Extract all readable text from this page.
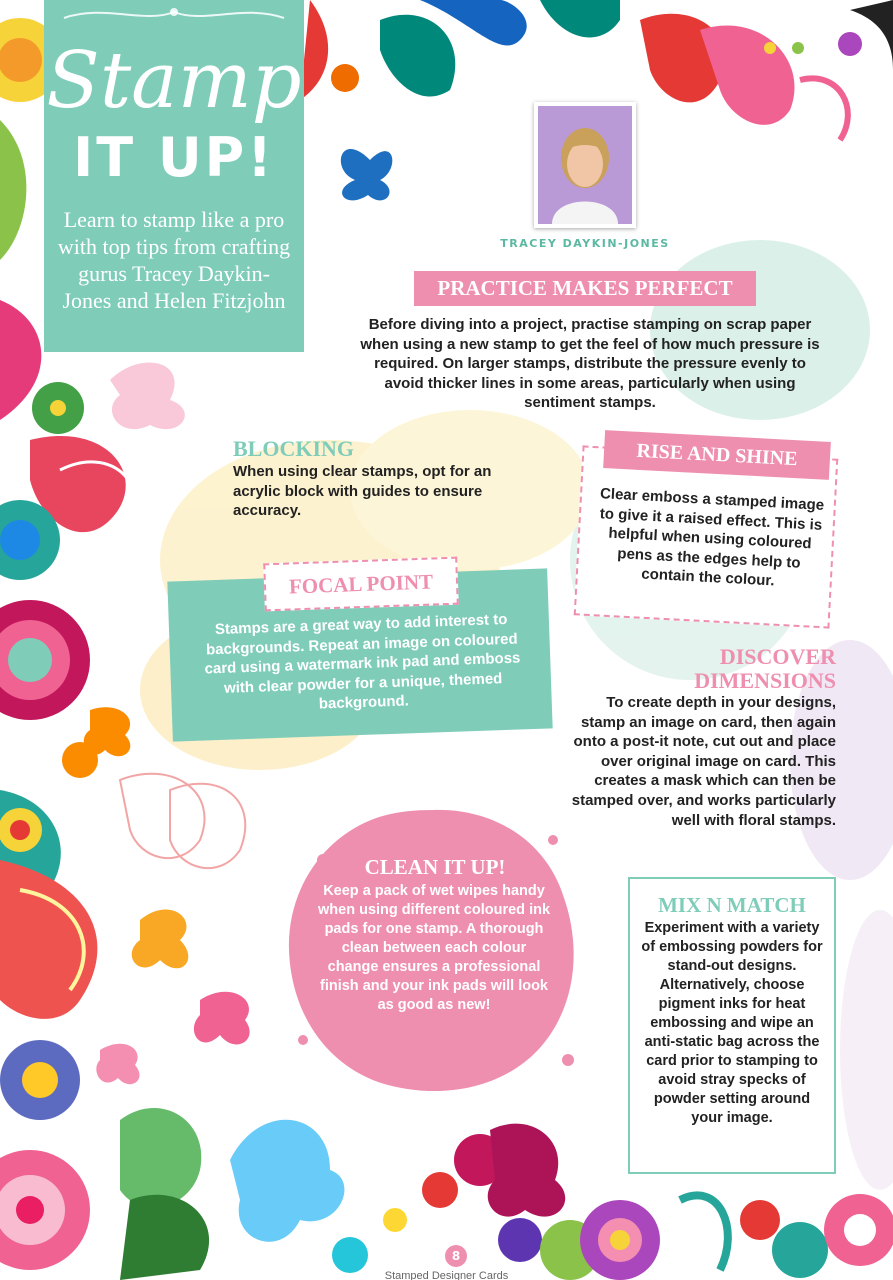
Stamp
IT UP!
Learn to stamp like a pro with top tips from crafting gurus Tracey Daykin-Jones and Helen Fitzjohn
TRACEY DAYKIN-JONES
PRACTICE MAKES PERFECT
Before diving into a project, practise stamping on scrap paper when using a new stamp to get the feel of how much pressure is required. On larger stamps, distribute the pressure evenly to avoid thicker lines in some areas, particularly when using sentiment stamps.
BLOCKING
When using clear stamps, opt for an acrylic block with guides to ensure accuracy.
RISE AND SHINE
Clear emboss a stamped image to give it a raised effect. This is helpful when using coloured pens as the edges help to contain the colour.
FOCAL POINT
Stamps are a great way to add interest to backgrounds. Repeat an image on coloured card using a watermark ink pad and emboss with clear powder for a unique, themed background.
DISCOVER
DIMENSIONS
To create depth in your designs, stamp an image on card, then again onto a post-it note, cut out and place over original image on card. This creates a mask which can then be stamped over, and works particularly well with floral stamps.
CLEAN IT UP!
Keep a pack of wet wipes handy when using different coloured ink pads for one stamp. A thorough clean between each colour change ensures a professional finish and your ink pads will look as good as new!
MIX N MATCH
Experiment with a variety of embossing powders for stand-out designs. Alternatively, choose pigment inks for heat embossing and wipe an anti-static bag across the card prior to stamping to avoid stray specks of powder setting around your image.
8
Stamped Designer Cards
